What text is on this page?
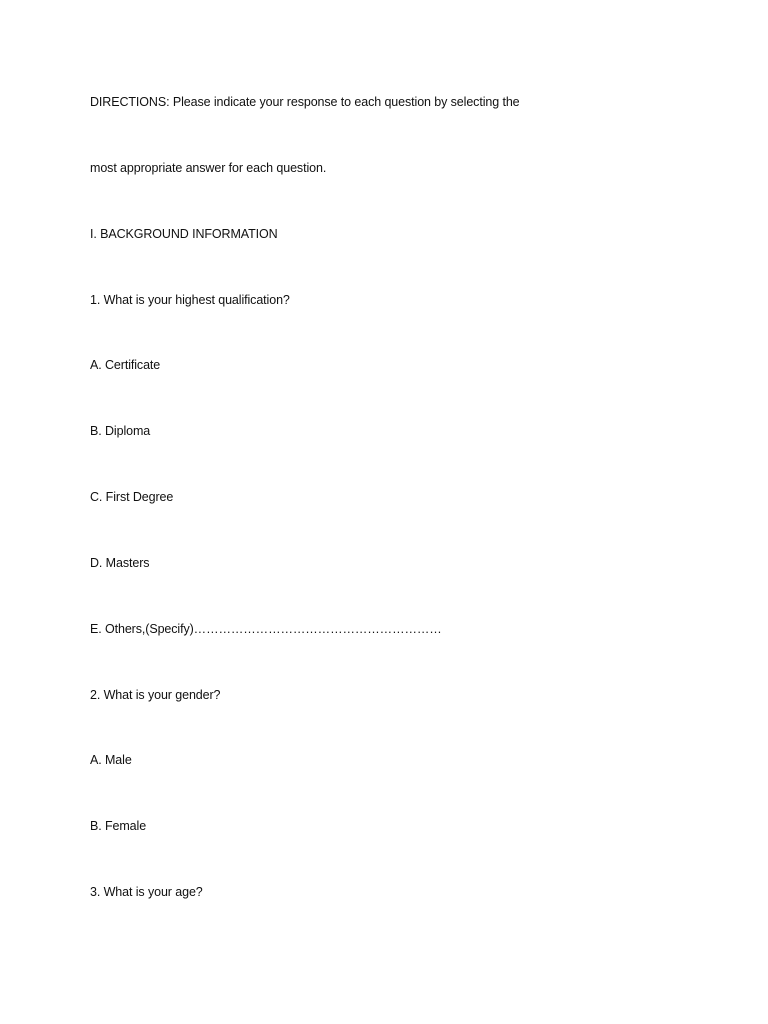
DIRECTIONS: Please indicate your response to each question by selecting the

most appropriate answer for each question.

I. BACKGROUND INFORMATION

1. What is your highest qualification?

A. Certificate

B. Diploma

C. First Degree

D. Masters

E. Others,(Specify)……………………………………………………

2. What is your gender?

A. Male

B. Female

3. What is your age?
